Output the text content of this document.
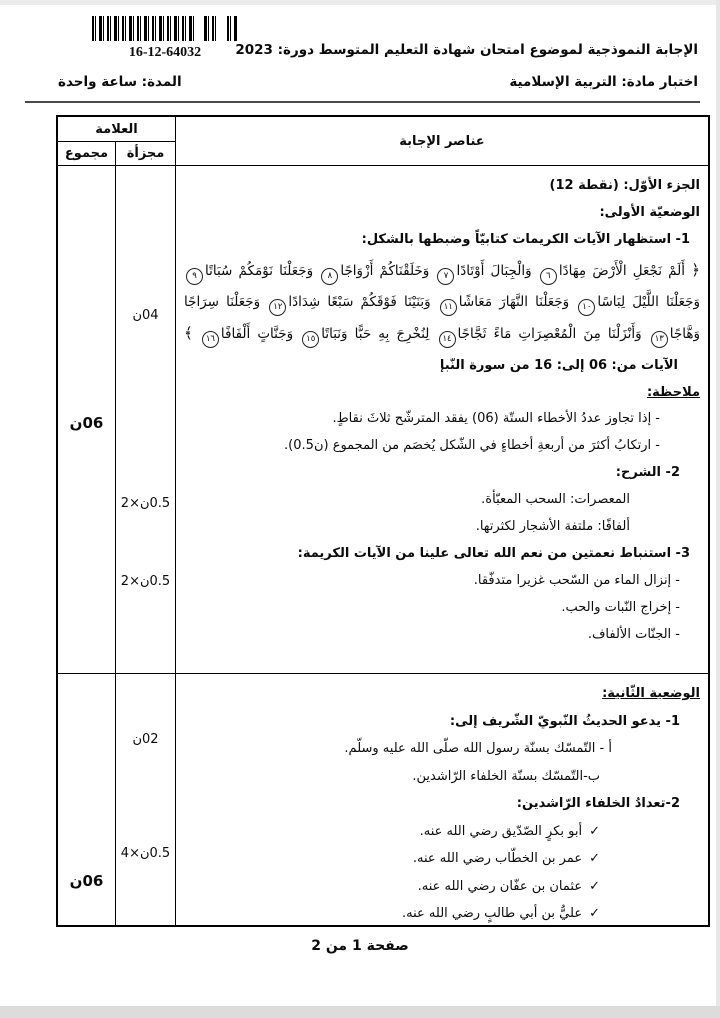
16-12-64032	الإجابة النموذجية لموضوع امتحان شهادة التعليم المتوسط دورة: 2023
اختبار مادة: التربية الإسلامية
المدة: ساعة واحدة
عناصر الإجابة
العلامة
مجزأة
مجموع
الجزء الأوّل: (نقطة 12)
الوضعيّة الأولى:
1- استظهار الآيات الكريمات كتابيّاً وضبطها بالشكل:
﴿ أَلَمْ نَجْعَلِ الْأَرْضَ مِهَادًا٦ وَالْجِبَالَ أَوْتَادًا٧ وَخَلَقْنَاكُمْ أَزْوَاجًا٨ وَجَعَلْنَا نَوْمَكُمْ سُبَاتًا٩ وَجَعَلْنَا اللَّيْلَ لِبَاسًا١٠ وَجَعَلْنَا النَّهَارَ مَعَاشًا١١ وَبَنَيْنَا فَوْقَكُمْ سَبْعًا شِدَادًا١٢ وَجَعَلْنَا سِرَاجًا وَهَّاجًا١٣ وَأَنْزَلْنَا مِنَ الْمُعْصِرَاتِ مَاءً ثَجَّاجًا١٤ لِنُخْرِجَ بِهِ حَبًّا وَنَبَاتًا١٥ وَجَنَّاتٍ أَلْفَافًا١٦ ﴾ الآيات من: 06 إلى: 16 من سورة النّبإ
ملاحظة:
- إذا تجاوز عددُ الأخطاء الستّة (06) يفقد المترشّح ثلاثَ نقاطٍ.
- ارتكابُ أكثرَ من أربعةِ أخطاءٍ في الشّكل يُخصَم من المجموع (ن0.5).
2- الشرح:
المعصرات: السحب المعبّأة.
ألفافًا: ملتفة الأشجار لكثرتها.
3- استنباط نعمتين من نعم الله تعالى علينا من الآيات الكريمة:
- إنزال الماء من السّحب غزيرا متدفّقا.
- إخراج النّبات والحب.
- الجنّات الألفاف.
04ن
0.5ن×2
0.5ن×2
06ن
الوضعية الثّانية:
1- يدعو الحديثُ النّبويّ الشّريف إلى:
أ - التّمسّك بسنّة رسول الله صلّى الله عليه وسلّم.
ب-التّمسّك بسنّة الخلفاء الرّاشدين.
2-تعدادُ الخلفاء الرّاشدين:
✓أبو بكرٍ الصّدّيق رضي الله عنه.
✓عمر بن الخطّاب رضي الله عنه.
✓عثمان بن عفّان رضي الله عنه.
✓عليُّ بن أبي طالبٍ رضي الله عنه.
02ن
0.5ن×4
06ن
صفحة 1 من 2
